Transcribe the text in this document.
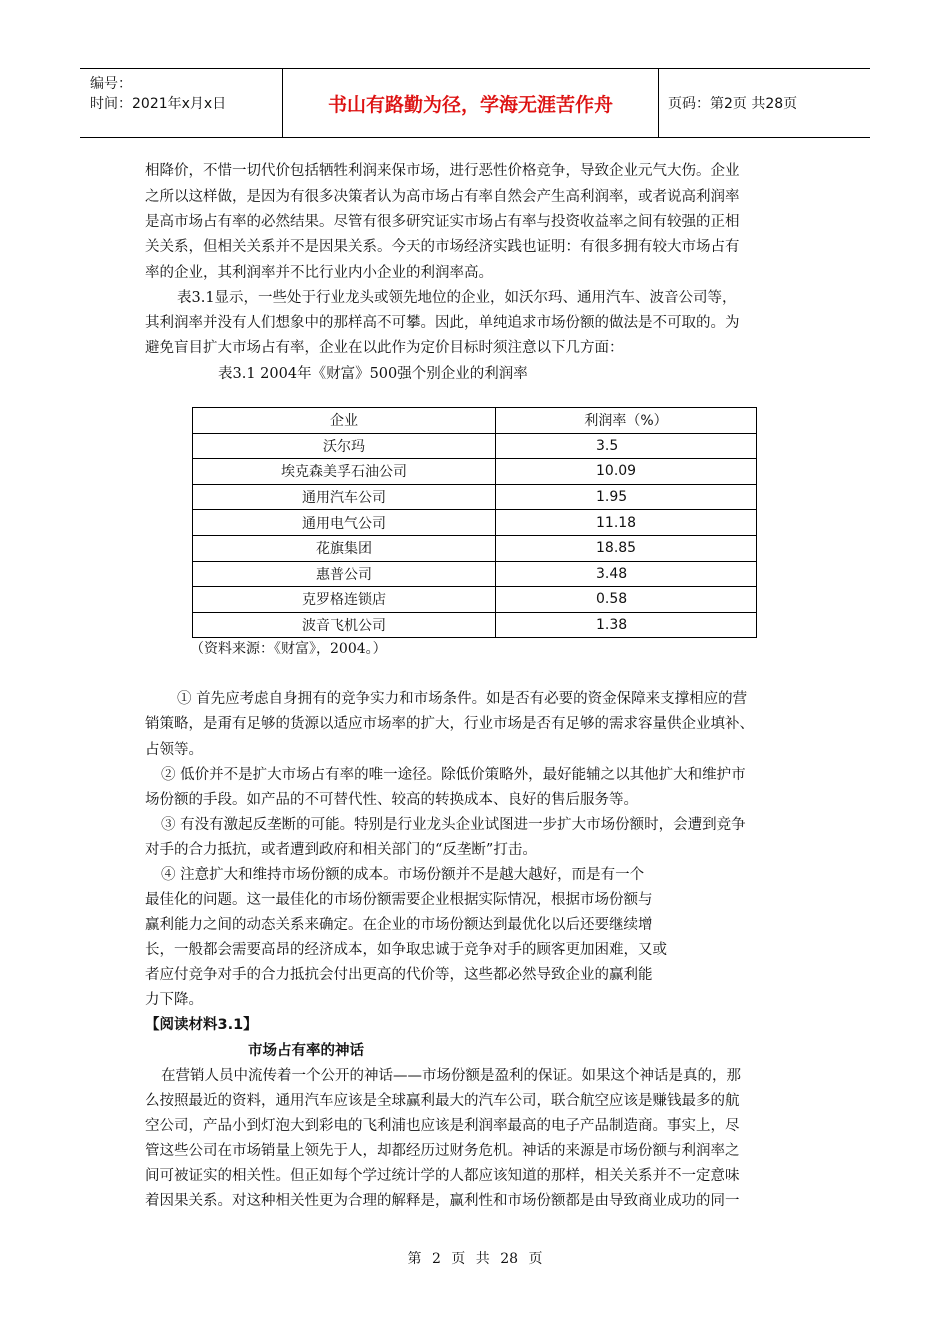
编号：
时间：2021年x月x日	书山有路勤为径，学海无涯苦作舟	页码：第2页 共28页
相降价，不惜一切代价包括牺牲利润来保市场，进行恶性价格竞争，导致企业元气大伤。企业
之所以这样做，是因为有很多决策者认为高市场占有率自然会产生高利润率，或者说高利润率
是高市场占有率的必然结果。尽管有很多研究证实市场占有率与投资收益率之间有较强的正相
关关系，但相关关系并不是因果关系。今天的市场经济实践也证明：有很多拥有较大市场占有
率的企业，其利润率并不比行业内小企业的利润率高。
表3.1显示，一些处于行业龙头或领先地位的企业，如沃尔玛、通用汽车、波音公司等，
其利润率并没有人们想象中的那样高不可攀。因此，单纯追求市场份额的做法是不可取的。为
避免盲目扩大市场占有率，企业在以此作为定价目标时须注意以下几方面：
表3.1 2004年《财富》500强个别企业的利润率
企业	利润率（%）
沃尔玛	3.5
埃克森美孚石油公司	10.09
通用汽车公司	1.95
通用电气公司	11.18
花旗集团	18.85
惠普公司	3.48
克罗格连锁店	0.58
波音飞机公司	1.38
（资料来源：《财富》，2004。）
① 首先应考虑自身拥有的竞争实力和市场条件。如是否有必要的资金保障来支撑相应的营
销策略，是甭有足够的货源以适应市场率的扩大，行业市场是否有足够的需求容量供企业填补、
占领等。
② 低价并不是扩大市场占有率的唯一途径。除低价策略外，最好能辅之以其他扩大和维护市
场份额的手段。如产品的不可替代性、较高的转换成本、良好的售后服务等。
③ 有没有激起反垄断的可能。特别是行业龙头企业试图进一步扩大市场份额时，会遭到竞争
对手的合力抵抗，或者遭到政府和相关部门的“反垄断”打击。
④ 注意扩大和维持市场份额的成本。市场份额并不是越大越好，而是有一个
最佳化的问题。这一最佳化的市场份额需要企业根据实际情况，根据市场份额与
赢利能力之间的动态关系来确定。在企业的市场份额达到最优化以后还要继续增
长，一般都会需要高昂的经济成本，如争取忠诚于竞争对手的顾客更加困难，又或
者应付竞争对手的合力抵抗会付出更高的代价等，这些都必然导致企业的赢利能
力下降。
【阅读材料3.1】
市场占有率的神话
在营销人员中流传着一个公开的神话——市场份额是盈利的保证。如果这个神话是真的，那
么按照最近的资料，通用汽车应该是全球赢利最大的汽车公司，联合航空应该是赚钱最多的航
空公司，产品小到灯泡大到彩电的飞利浦也应该是利润率最高的电子产品制造商。事实上，尽
管这些公司在市场销量上领先于人，却都经历过财务危机。神话的来源是市场份额与利润率之
间可被证实的相关性。但正如每个学过统计学的人都应该知道的那样，相关关系并不一定意味
着因果关系。对这种相关性更为合理的解释是，赢利性和市场份额都是由导致商业成功的同一
第 2 页 共 28 页
